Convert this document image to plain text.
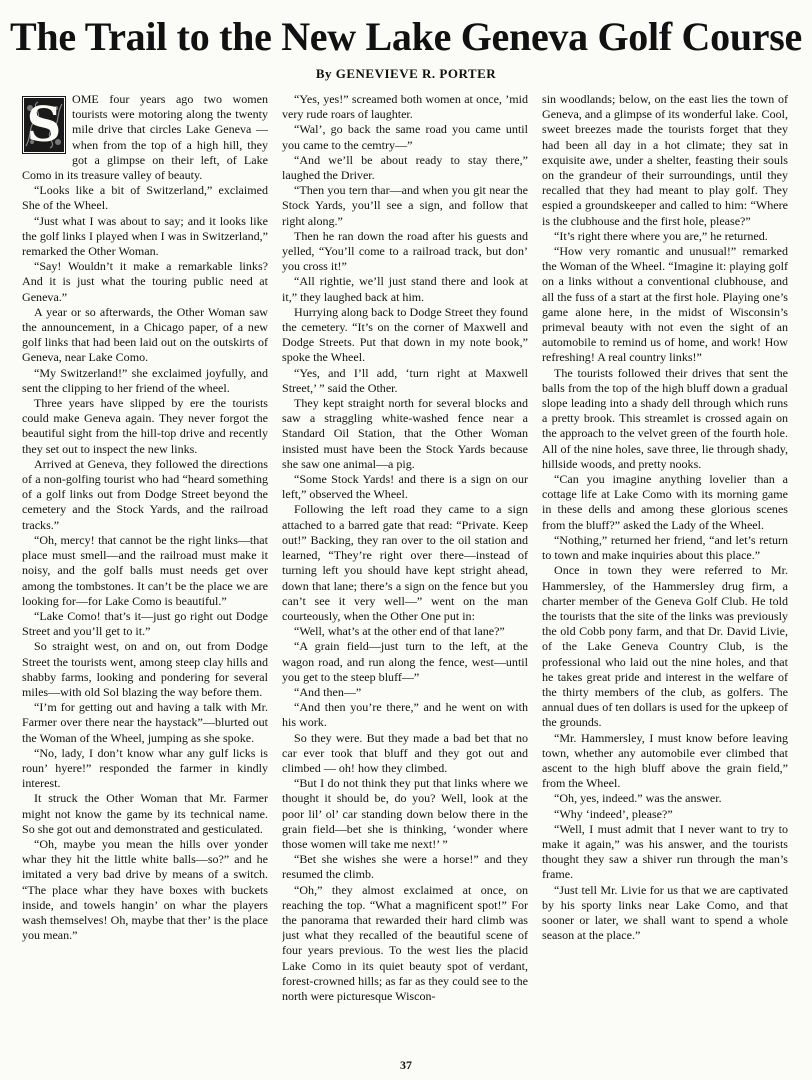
The Trail to the New Lake Geneva Golf Course

By GENEVIEVE R. PORTER

S OME four years ago two women tourists were motoring along the twenty mile drive that circles Lake Geneva — when from the top of a high hill, they got a glimpse on their left, of Lake Como in its treasure valley of beauty.

“Looks like a bit of Switzerland,” exclaimed She of the Wheel.

“Just what I was about to say; and it looks like the golf links I played when I was in Switzerland,” remarked the Other Woman.

“Say! Wouldn’t it make a remarkable links? And it is just what the touring public need at Geneva.”

A year or so afterwards, the Other Woman saw the announcement, in a Chicago paper, of a new golf links that had been laid out on the outskirts of Geneva, near Lake Como.

“My Switzerland!” she exclaimed joyfully, and sent the clipping to her friend of the wheel.

Three years have slipped by ere the tourists could make Geneva again. They never forgot the beautiful sight from the hill-top drive and recently they set out to inspect the new links.

Arrived at Geneva, they followed the directions of a non-golfing tourist who had “heard something of a golf links out from Dodge Street beyond the cemetery and the Stock Yards, and the railroad tracks.”

“Oh, mercy! that cannot be the right links—that place must smell—and the railroad must make it noisy, and the golf balls must needs get over among the tombstones. It can’t be the place we are looking for—for Lake Como is beautiful.”

“Lake Como! that’s it—just go right out Dodge Street and you’ll get to it.”

So straight west, on and on, out from Dodge Street the tourists went, among steep clay hills and shabby farms, looking and pondering for several miles—with old Sol blazing the way before them.

“I’m for getting out and having a talk with Mr. Farmer over there near the haystack”—blurted out the Woman of the Wheel, jumping as she spoke.

“No, lady, I don’t know whar any gulf licks is roun’ hyere!” responded the farmer in kindly interest.

It struck the Other Woman that Mr. Farmer might not know the game by its technical name. So she got out and demonstrated and gesticulated.

“Oh, maybe you mean the hills over yonder whar they hit the little white balls—so?” and he imitated a very bad drive by means of a switch. “The place whar they have boxes with buckets inside, and towels hangin’ on whar the players wash themselves! Oh, maybe that ther’ is the place you mean.”

“Yes, yes!” screamed both women at once, ’mid very rude roars of laughter.

“Wal’, go back the same road you came until you came to the cemtry—”

“And we’ll be about ready to stay there,” laughed the Driver.

“Then you tern thar—and when you git near the Stock Yards, you’ll see a sign, and follow that right along.”

Then he ran down the road after his guests and yelled, “You’ll come to a railroad track, but don’ you cross it!”

“All rightie, we’ll just stand there and look at it,” they laughed back at him.

Hurrying along back to Dodge Street they found the cemetery. “It’s on the corner of Maxwell and Dodge Streets. Put that down in my note book,” spoke the Wheel.

“Yes, and I’ll add, ‘turn right at Maxwell Street,’ ” said the Other.

They kept straight north for several blocks and saw a straggling white-washed fence near a Standard Oil Station, that the Other Woman insisted must have been the Stock Yards because she saw one animal—a pig.

“Some Stock Yards! and there is a sign on our left,” observed the Wheel.

Following the left road they came to a sign attached to a barred gate that read: “Private. Keep out!” Backing, they ran over to the oil station and learned, “They’re right over there—instead of turning left you should have kept stright ahead, down that lane; there’s a sign on the fence but you can’t see it very well—” went on the man courteously, when the Other One put in:

“Well, what’s at the other end of that lane?”

“A grain field—just turn to the left, at the wagon road, and run along the fence, west—until you get to the steep bluff—”

“And then—”

“And then you’re there,” and he went on with his work.

So they were. But they made a bad bet that no car ever took that bluff and they got out and climbed — oh! how they climbed.

“But I do not think they put that links where we thought it should be, do you? Well, look at the poor lil’ ol’ car standing down below there in the grain field—bet she is thinking, ‘wonder where those women will take me next!’ ”

“Bet she wishes she were a horse!” and they resumed the climb.

“Oh,” they almost exclaimed at once, on reaching the top. “What a magnificent spot!” For the panorama that rewarded their hard climb was just what they recalled of the beautiful scene of four years previous. To the west lies the placid Lake Como in its quiet beauty spot of verdant, forest-crowned hills; as far as they could see to the north were picturesque Wiscon-

sin woodlands; below, on the east lies the town of Geneva, and a glimpse of its wonderful lake. Cool, sweet breezes made the tourists forget that they had been all day in a hot climate; they sat in exquisite awe, under a shelter, feasting their souls on the grandeur of their surroundings, until they recalled that they had meant to play golf. They espied a groundskeeper and called to him: “Where is the clubhouse and the first hole, please?”

“It’s right there where you are,” he returned.

“How very romantic and unusual!” remarked the Woman of the Wheel. “Imagine it: playing golf on a links without a conventional clubhouse, and all the fuss of a start at the first hole. Playing one’s game alone here, in the midst of Wisconsin’s primeval beauty with not even the sight of an automobile to remind us of home, and work! How refreshing! A real country links!”

The tourists followed their drives that sent the balls from the top of the high bluff down a gradual slope leading into a shady dell through which runs a pretty brook. This streamlet is crossed again on the approach to the velvet green of the fourth hole. All of the nine holes, save three, lie through shady, hillside woods, and pretty nooks.

“Can you imagine anything lovelier than a cottage life at Lake Como with its morning game in these dells and among these glorious scenes from the bluff?” asked the Lady of the Wheel.

“Nothing,” returned her friend, “and let’s return to town and make inquiries about this place.”

Once in town they were referred to Mr. Hammersley, of the Hammersley drug firm, a charter member of the Geneva Golf Club. He told the tourists that the site of the links was previously the old Cobb pony farm, and that Dr. David Livie, of the Lake Geneva Country Club, is the professional who laid out the nine holes, and that he takes great pride and interest in the welfare of the thirty members of the club, as golfers. The annual dues of ten dollars is used for the upkeep of the grounds.

“Mr. Hammersley, I must know before leaving town, whether any automobile ever climbed that ascent to the high bluff above the grain field,” from the Wheel.

“Oh, yes, indeed.” was the answer.

“Why ‘indeed’, please?”

“Well, I must admit that I never want to try to make it again,” was his answer, and the tourists thought they saw a shiver run through the man’s frame.

“Just tell Mr. Livie for us that we are captivated by his sporty links near Lake Como, and that sooner or later, we shall want to spend a whole season at the place.”

37
